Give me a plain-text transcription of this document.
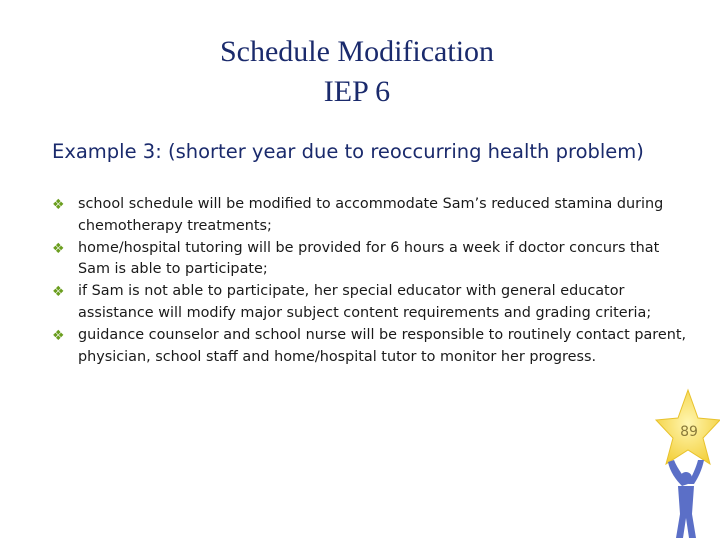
Schedule Modification
IEP 6
Example 3: (shorter year due to reoccurring health problem)
❖ school schedule will be modified to accommodate Sam’s reduced stamina during chemotherapy treatments;
❖ home/hospital tutoring will be provided for 6 hours a week if doctor concurs that Sam is able to participate;
❖ if Sam is not able to participate, her special educator with general educator assistance will modify major subject content requirements and grading criteria;
❖ guidance counselor and school nurse will be responsible to routinely contact parent, physician, school staff and home/hospital tutor to monitor her progress.
89
